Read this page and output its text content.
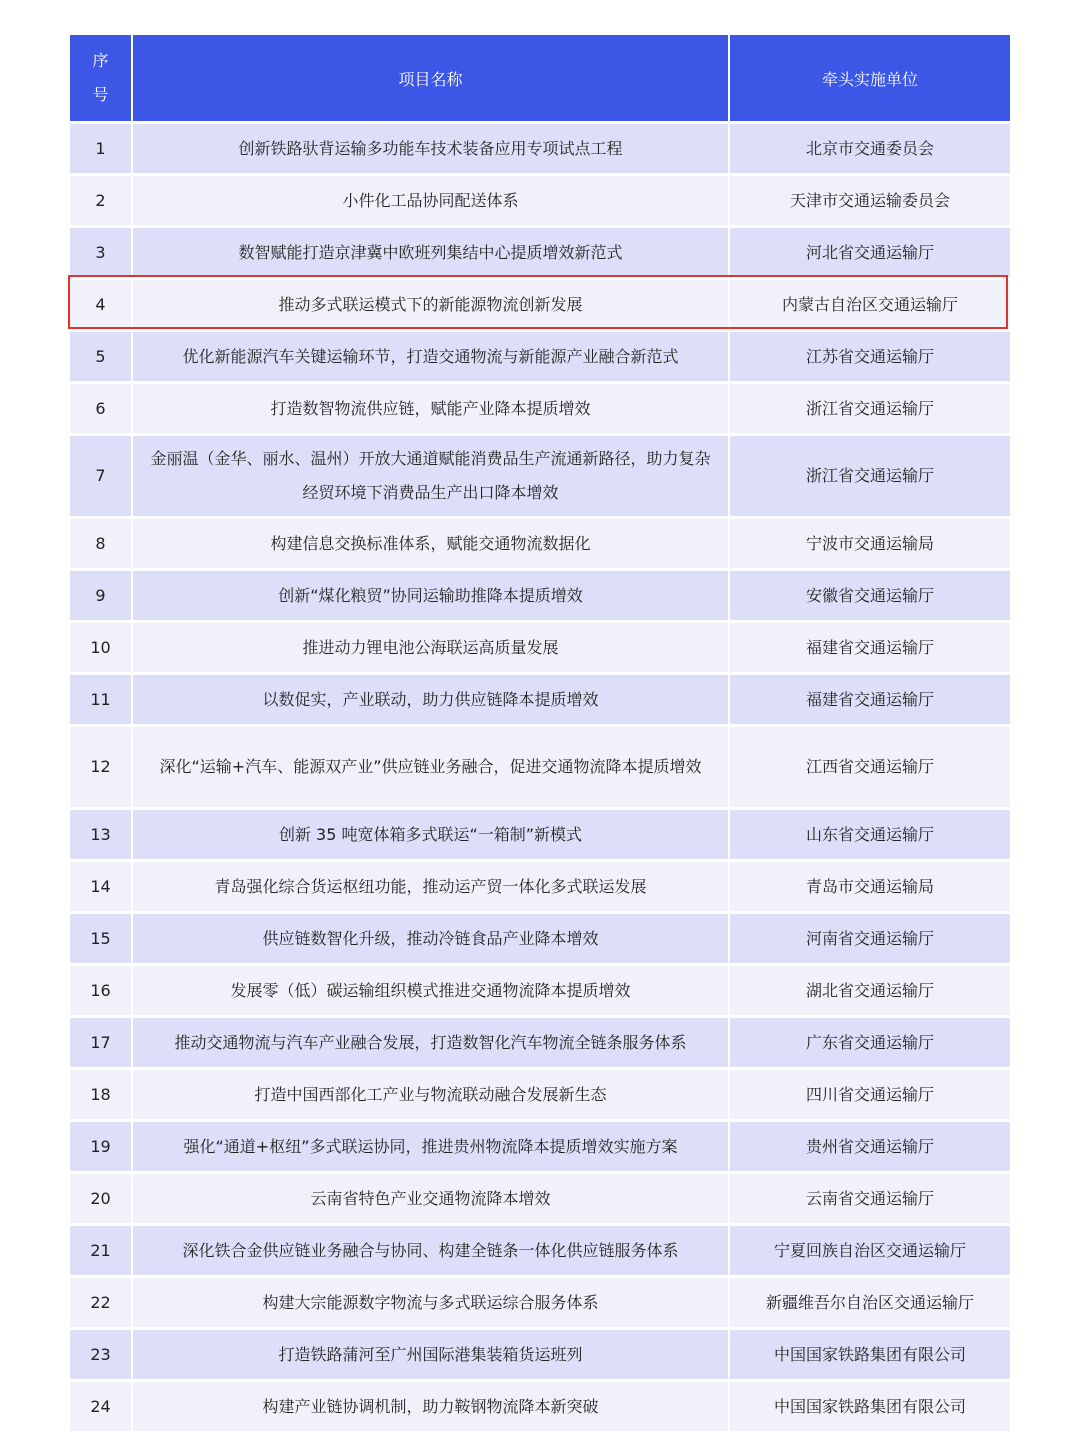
序
号	项目名称	牵头实施单位
1	创新铁路驮背运输多功能车技术装备应用专项试点工程	北京市交通委员会
2	小件化工品协同配送体系	天津市交通运输委员会
3	数智赋能打造京津冀中欧班列集结中心提质增效新范式	河北省交通运输厅
4	推动多式联运模式下的新能源物流创新发展	内蒙古自治区交通运输厅
5	优化新能源汽车关键运输环节，打造交通物流与新能源产业融合新范式	江苏省交通运输厅
6	打造数智物流供应链，赋能产业降本提质增效	浙江省交通运输厅
7	金丽温（金华、丽水、温州）开放大通道赋能消费品生产流通新路径，助力复杂经贸环境下消费品生产出口降本增效	浙江省交通运输厅
8	构建信息交换标准体系，赋能交通物流数据化	宁波市交通运输局
9	创新“煤化粮贸”协同运输助推降本提质增效	安徽省交通运输厅
10	推进动力锂电池公海联运高质量发展	福建省交通运输厅
11	以数促实，产业联动，助力供应链降本提质增效	福建省交通运输厅
12	深化“运输+汽车、能源双产业”供应链业务融合，促进交通物流降本提质增效	江西省交通运输厅
13	创新 35 吨宽体箱多式联运“一箱制”新模式	山东省交通运输厅
14	青岛强化综合货运枢纽功能，推动运产贸一体化多式联运发展	青岛市交通运输局
15	供应链数智化升级，推动冷链食品产业降本增效	河南省交通运输厅
16	发展零（低）碳运输组织模式推进交通物流降本提质增效	湖北省交通运输厅
17	推动交通物流与汽车产业融合发展，打造数智化汽车物流全链条服务体系	广东省交通运输厅
18	打造中国西部化工产业与物流联动融合发展新生态	四川省交通运输厅
19	强化“通道+枢纽”多式联运协同，推进贵州物流降本提质增效实施方案	贵州省交通运输厅
20	云南省特色产业交通物流降本增效	云南省交通运输厅
21	深化铁合金供应链业务融合与协同、构建全链条一体化供应链服务体系	宁夏回族自治区交通运输厅
22	构建大宗能源数字物流与多式联运综合服务体系	新疆维吾尔自治区交通运输厅
23	打造铁路蒲河至广州国际港集装箱货运班列	中国国家铁路集团有限公司
24	构建产业链协调机制，助力鞍钢物流降本新突破	中国国家铁路集团有限公司
